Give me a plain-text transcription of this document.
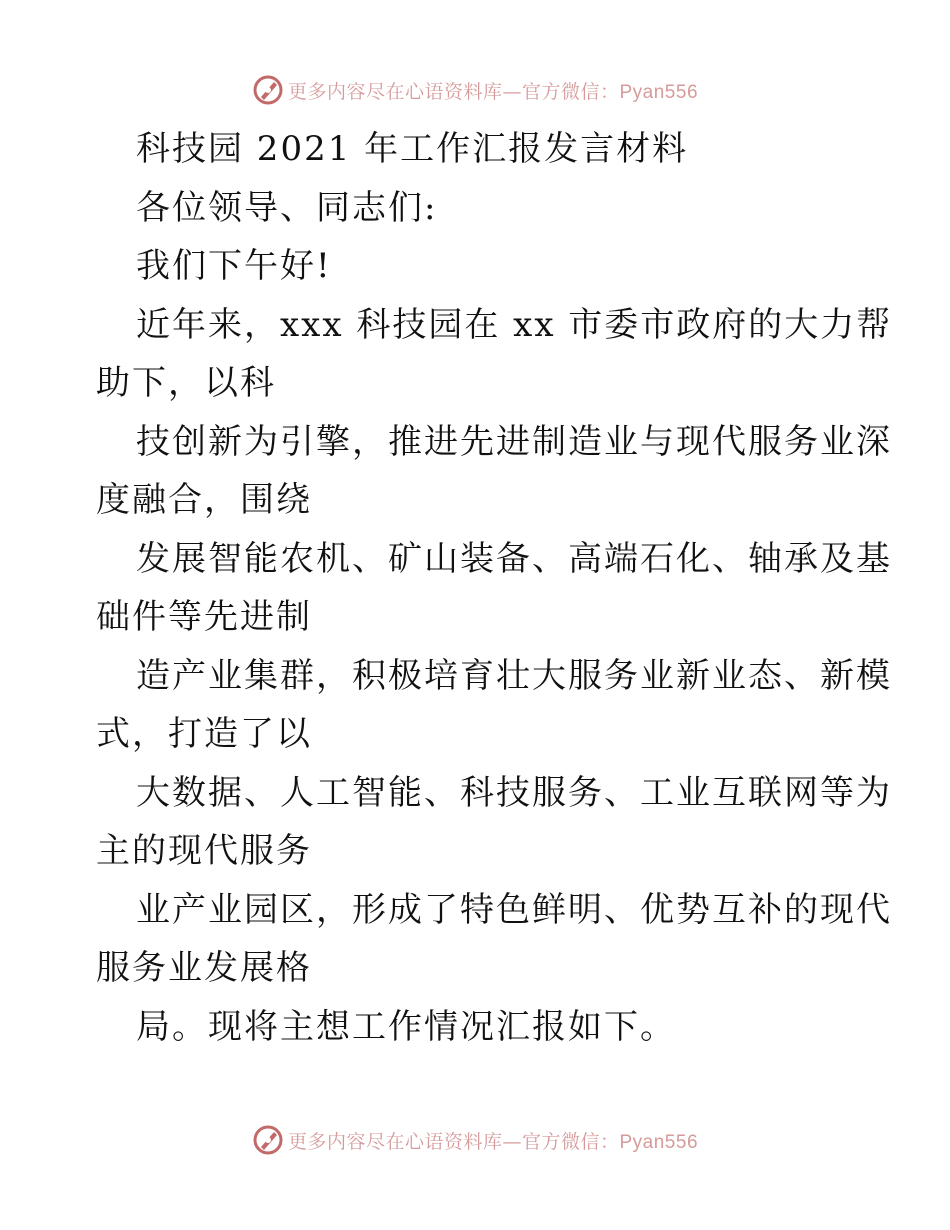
更多内容尽在心语资料库—官方微信：Pyan556
科技园 2021 年工作汇报发言材料
各位领导、同志们:
我们下午好!
近年来，xxx 科技园在 xx 市委市政府的大力帮
助下，以科
技创新为引擎，推进先进制造业与现代服务业深
度融合，围绕
发展智能农机、矿山装备、高端石化、轴承及基
础件等先进制
造产业集群，积极培育壮大服务业新业态、新模
式，打造了以
大数据、人工智能、科技服务、工业互联网等为
主的现代服务
业产业园区，形成了特色鲜明、优势互补的现代
服务业发展格
局。现将主想工作情况汇报如下。
更多内容尽在心语资料库—官方微信：Pyan556
